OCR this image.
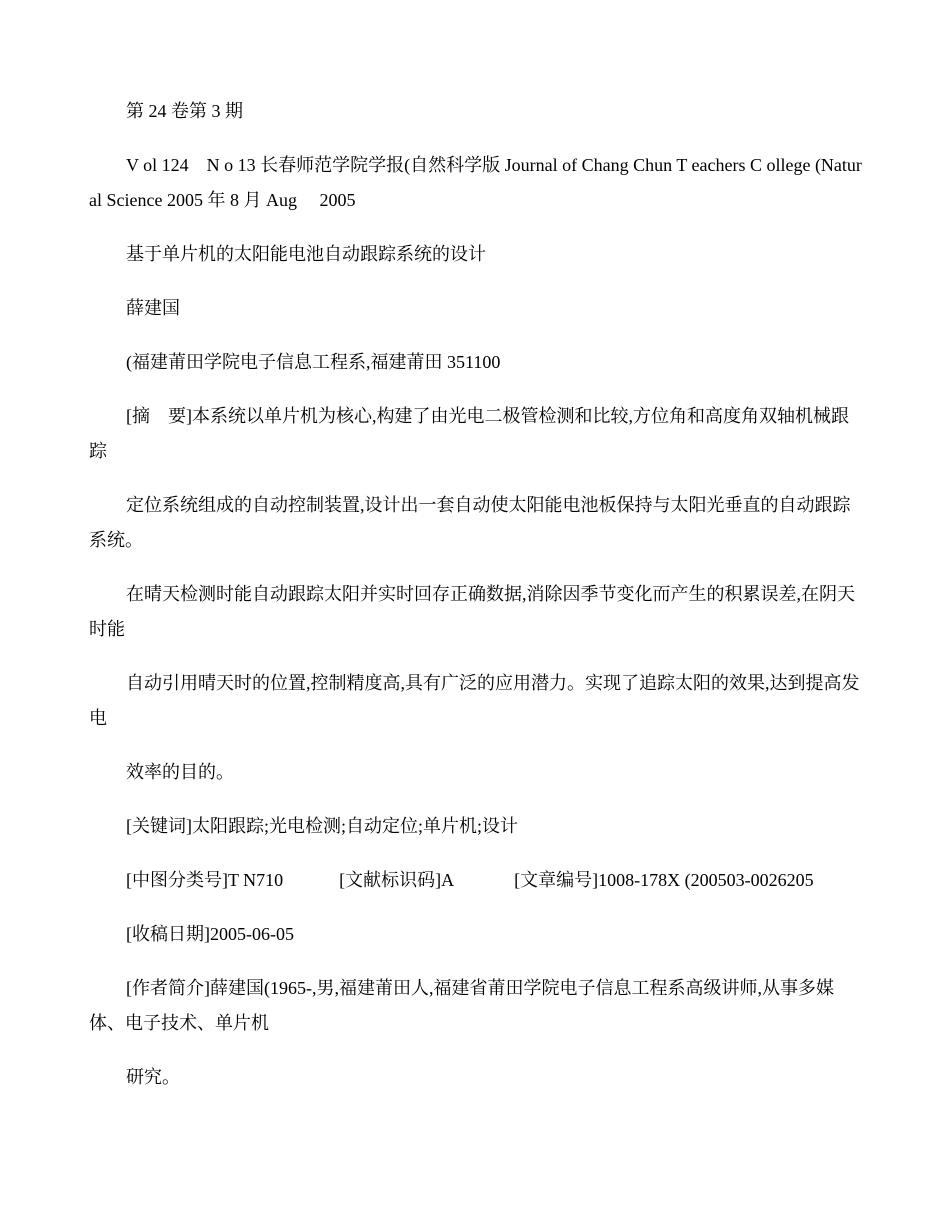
第 24 卷第 3 期

V ol 124　N o 13 长春师范学院学报(自然科学版 Journal of Chang Chun T eachers C ollege (Natural Science 2005 年 8 月 Aug　 2005

基于单片机的太阳能电池自动跟踪系统的设计

薛建国

(福建莆田学院电子信息工程系,福建莆田 351100

[摘　要]本系统以单片机为核心,构建了由光电二极管检测和比较,方位角和高度角双轴机械跟踪

定位系统组成的自动控制装置,设计出一套自动使太阳能电池板保持与太阳光垂直的自动跟踪系统。

在晴天检测时能自动跟踪太阳并实时回存正确数据,消除因季节变化而产生的积累误差,在阴天时能

自动引用晴天时的位置,控制精度高,具有广泛的应用潜力。实现了追踪太阳的效果,达到提高发电

效率的目的。

[关键词]太阳跟踪;光电检测;自动定位;单片机;设计

[中图分类号]T N710	[文献标识码]A	[文章编号]1008-178X (200503-0026205

[收稿日期]2005-06-05

[作者简介]薛建国(1965-,男,福建莆田人,福建省莆田学院电子信息工程系高级讲师,从事多媒体、电子技术、单片机

研究。
